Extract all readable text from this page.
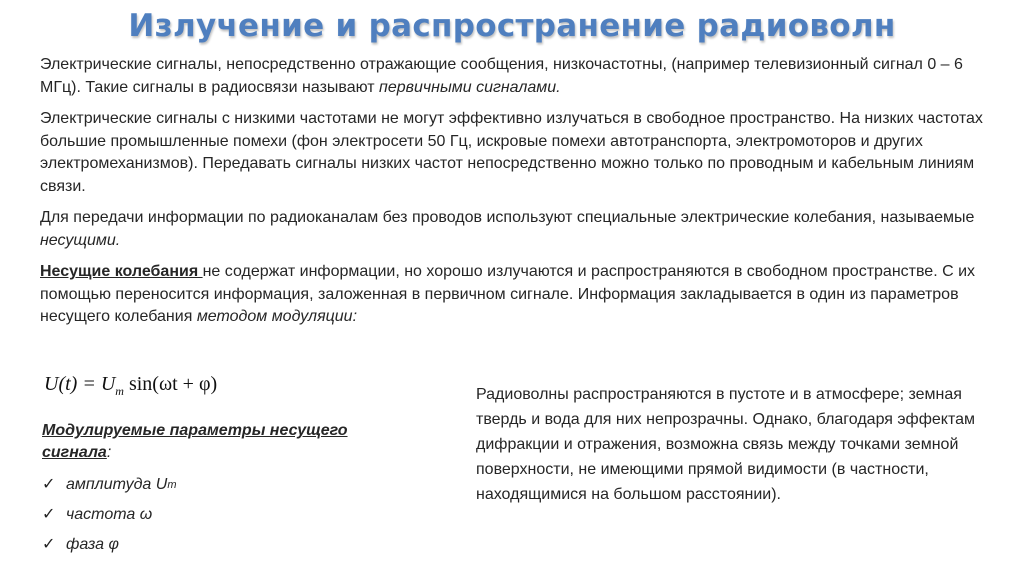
Излучение и распространение радиоволн

Электрические сигналы, непосредственно отражающие сообщения, низкочастотны, (например телевизионный сигнал 0 – 6 МГц). Такие сигналы в радиосвязи называют первичными сигналами.

Электрические сигналы с низкими частотами не могут эффективно излучаться в свободное пространство. На низких частотах большие промышленные помехи (фон электросети 50 Гц, искровые помехи автотранспорта, электромоторов и других электромеханизмов). Передавать сигналы низких частот непосредственно можно только по проводным и кабельным линиям связи.

Для передачи информации по радиоканалам без проводов используют специальные электрические колебания, называемые несущими.

Несущие колебания не содержат информации, но хорошо излучаются и распространяются в свободном пространстве. С их помощью переносится информация, заложенная в первичном сигнале. Информация закладывается в один из параметров несущего колебания методом модуляции:

$U(t) = U_m$ sin(ωt + φ)
Модулируемые параметры несущего сигнала:
✓ амплитуда U m
✓ частота ω
✓ фаза φ
Радиоволны распространяются в пустоте и в атмосфере; земная твердь и вода для них непрозрачны. Однако, благодаря эффектам дифракции и отражения, возможна связь между точками земной поверхности, не имеющими прямой видимости (в частности, находящимися на большом расстоянии).
